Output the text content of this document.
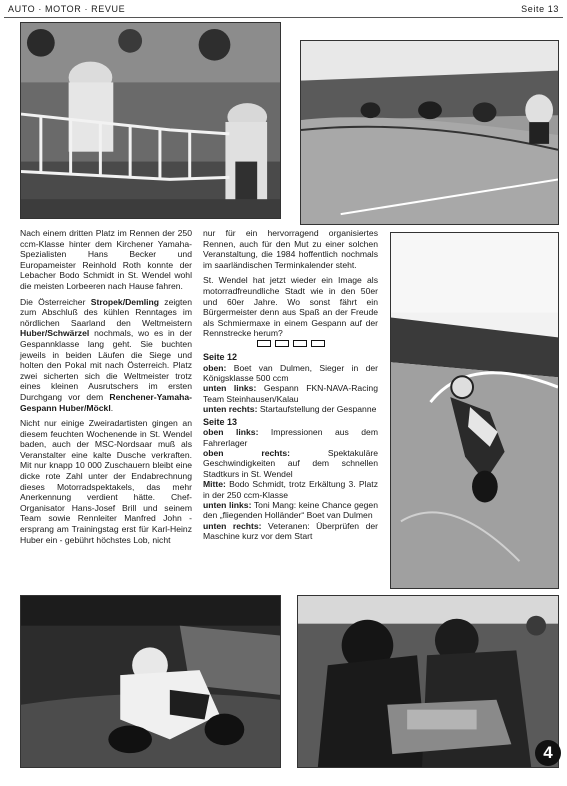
AUTO · MOTOR · REVUE	Seite 13

Nach einem dritten Platz im Rennen der 250 ccm-Klasse hinter dem Kirchener Yamaha-Spezialisten Hans Becker und Europameister Reinhold Roth konnte der Lebacher Bodo Schmidt in St. Wendel wohl die meisten Lorbeeren nach Hause fahren.

Die Österreicher Stropek/Demling zeigten zum Abschluß des kühlen Renntages im nördlichen Saarland den Weltmeistern Huber/Schwärzel nochmals, wo es in der Gespannklasse lang geht. Sie buchten jeweils in beiden Läufen die Siege und holten den Pokal mit nach Österreich. Platz zwei sicherten sich die Weltmeister trotz eines kleinen Ausrutschers im ersten Durchgang vor dem Renchener-Yamaha-Gespann Huber/Möckl.

Nicht nur einige Zweiradartisten gingen an diesem feuchten Wochenende in St. Wendel baden, auch der MSC-Nordsaar muß als Veranstalter eine kalte Dusche verkraften. Mit nur knapp 10 000 Zuschauern bleibt eine dicke rote Zahl unter der Endabrechnung dieses Motorradspektakels, das mehr Anerkennung verdient hätte. Chef-Organisator Hans-Josef Brill und seinem Team sowie Rennleiter Manfred John - ersprang am Trainingstag erst für Karl-Heinz Huber ein - gebührt höchstes Lob, nicht

nur für ein hervorragend organisiertes Rennen, auch für den Mut zu einer solchen Veranstaltung, die 1984 hoffentlich nochmals im saarländischen Terminkalender steht.

St. Wendel hat jetzt wieder ein Image als motorradfreundliche Stadt wie in den 50er und 60er Jahre. Wo sonst fährt ein Bürgermeister denn aus Spaß an der Freude als Schmiermaxe in einem Gespann auf der Rennstrecke herum?

Seite 12
oben: Boet van Dulmen, Sieger in der Königsklasse 500 ccm
unten links: Gespann FKN-NAVA-Racing Team Steinhausen/Kalau
unten rechts: Startaufstellung der Gespanne
Seite 13
oben links: Impressionen aus dem Fahrerlager
oben rechts: Spektakuläre Geschwindigkeiten auf dem schnellen Stadtkurs in St. Wendel
Mitte: Bodo Schmidt, trotz Erkältung 3. Platz in der 250 ccm-Klasse
unten links: Toni Mang: keine Chance gegen den „fliegenden Holländer“ Boet van Dulmen
unten rechts: Veteranen: Überprüfen der Maschine kurz vor dem Start
4
